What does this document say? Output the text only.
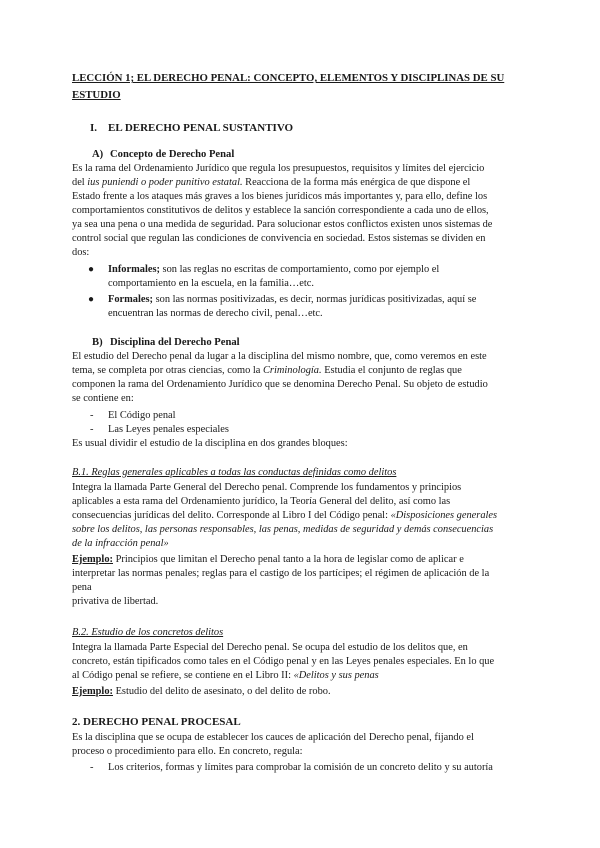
LECCIÓN 1; EL DERECHO PENAL: CONCEPTO, ELEMENTOS Y DISCIPLINAS DE SU ESTUDIO
I. EL DERECHO PENAL SUSTANTIVO
A) Concepto de Derecho Penal
Es la rama del Ordenamiento Jurídico que regula los presupuestos, requisitos y límites del ejercicio
del ius puniendi o poder punitivo estatal. Reacciona de la forma más enérgica de que dispone el
Estado frente a los ataques más graves a los bienes jurídicos más importantes y, para ello, define los
comportamientos constitutivos de delitos y establece la sanción correspondiente a cada uno de ellos,
ya sea una pena o una medida de seguridad. Para solucionar estos conflictos existen unos sistemas de
control social que regulan las condiciones de convivencia en sociedad. Estos sistemas se dividen en
dos:
● Informales; son las reglas no escritas de comportamiento, como por ejemplo el
comportamiento en la escuela, en la familia…etc.
● Formales; son las normas positivizadas, es decir, normas jurídicas positivizadas, aquí se
encuentran las normas de derecho civil, penal…etc.
B) Disciplina del Derecho Penal
El estudio del Derecho penal da lugar a la disciplina del mismo nombre, que, como veremos en este
tema, se completa por otras ciencias, como la Criminología. Estudia el conjunto de reglas que
componen la rama del Ordenamiento Jurídico que se denomina Derecho Penal. Su objeto de estudio
se contiene en:
- El Código penal
- Las Leyes penales especiales
Es usual dividir el estudio de la disciplina en dos grandes bloques:
B.1. Reglas generales aplicables a todas las conductas definidas como delitos
Integra la llamada Parte General del Derecho penal. Comprende los fundamentos y principios
aplicables a esta rama del Ordenamiento jurídico, la Teoría General del delito, así como las
consecuencias jurídicas del delito. Corresponde al Libro I del Código penal: «Disposiciones generales
sobre los delitos, las personas responsables, las penas, medidas de seguridad y demás consecuencias
de la infracción penal»
Ejemplo: Principios que limitan el Derecho penal tanto a la hora de legislar como de aplicar e
interpretar las normas penales; reglas para el castigo de los partícipes; el régimen de aplicación de la
pena
privativa de libertad.
B.2. Estudio de los concretos delitos
Integra la llamada Parte Especial del Derecho penal. Se ocupa del estudio de los delitos que, en
concreto, están tipificados como tales en el Código penal y en las Leyes penales especiales. En lo que
al Código penal se refiere, se contiene en el Libro II: «Delitos y sus penas
Ejemplo: Estudio del delito de asesinato, o del delito de robo.
2. DERECHO PENAL PROCESAL
Es la disciplina que se ocupa de establecer los cauces de aplicación del Derecho penal, fijando el
proceso o procedimiento para ello. En concreto, regula:
- Los criterios, formas y límites para comprobar la comisión de un concreto delito y su autoría
